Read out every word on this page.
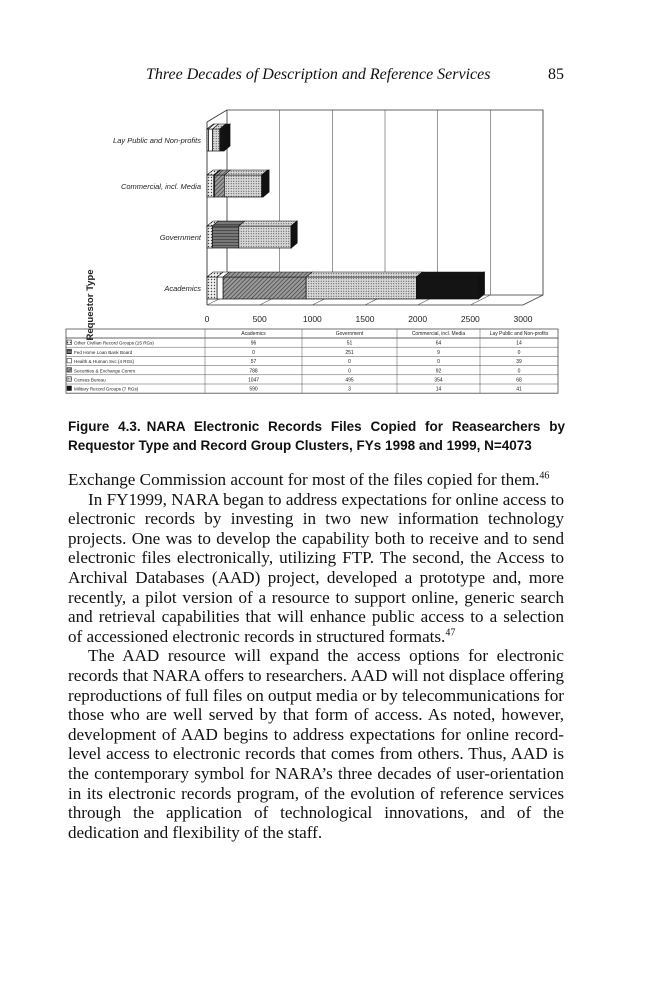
Three Decades of Description and Reference Services	85
Academics
Government
Commercial, incl. Media
Lay Public and Non-profits
0	500	1000	1500	2000	2500	3000
Requestor Type	Academics	Government	Commercial, incl. Media	Lay Public and Non-profits
Other Civilian Record Groups (15 RGs)	96	51	64	14
Fed Home Loan Bank Board	0	251	9	0
Health & Human Svc (4 RGs)	57	0	0	39
Securities & Exchange Comm	788	0	92	0
Census Bureau	1047	495	354	68
Military Record Groups (7 RGs)	590	3	14	41
Figure 4.3. NARA Electronic Records Files Copied for Reasearchers by Requestor Type and Record Group Clusters, FYs 1998 and 1999, N=4073

Exchange Commission account for most of the files copied for them.$^{46}$

In FY1999, NARA began to address expectations for online access to electronic records by investing in two new information technology projects. One was to develop the capability both to receive and to send electronic files electronically, utilizing FTP. The second, the Access to Archival Databases (AAD) project, developed a prototype and, more recently, a pilot version of a resource to support online, generic search and retrieval capabilities that will enhance public access to a selection of accessioned electronic records in structured formats.$^{47}$

The AAD resource will expand the access options for electronic records that NARA offers to researchers. AAD will not displace offering reproductions of full files on output media or by telecommunications for those who are well served by that form of access. As noted, however, development of AAD begins to address expectations for online record-level access to electronic records that comes from others. Thus, AAD is the contemporary symbol for NARA’s three decades of user-orientation in its electronic records program, of the evolution of reference services through the application of technological innovations, and of the dedication and flexibility of the staff.
